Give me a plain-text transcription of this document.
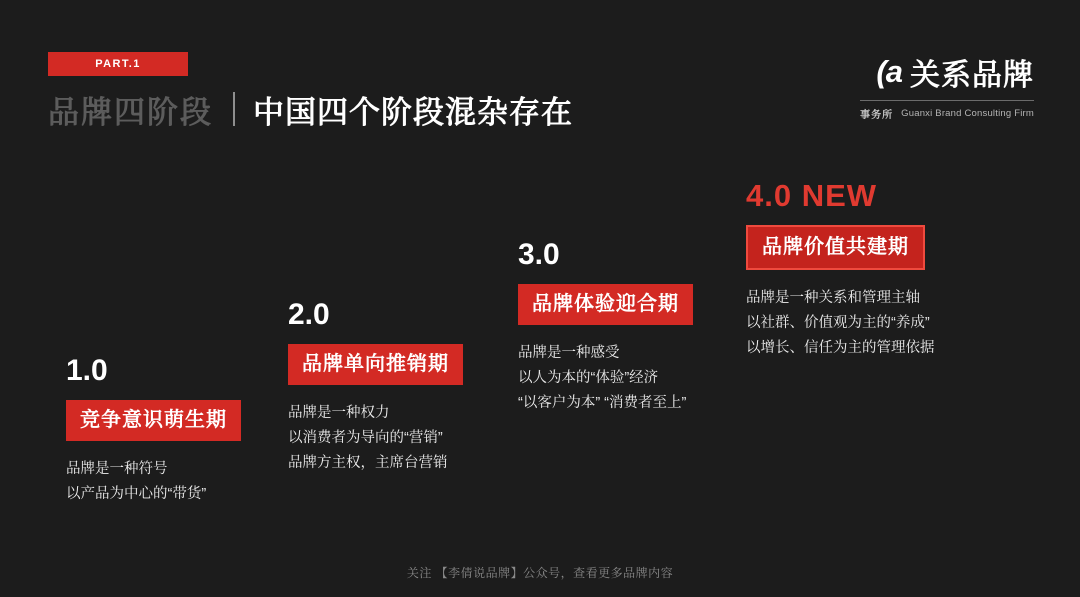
PART.1
品牌四阶段 中国四个阶段混杂存在
(a 关系品牌
事务所 Guanxi Brand Consulting Firm
1.0
竞争意识萌生期
品牌是一种符号
以产品为中心的“带货”
2.0
品牌单向推销期
品牌是一种权力
以消费者为导向的“营销”
品牌方主权，主席台营销
3.0
品牌体验迎合期
品牌是一种感受
以人为本的“体验”经济
“以客户为本” “消费者至上”
4.0 NEW
品牌价值共建期
品牌是一种关系和管理主轴
以社群、价值观为主的“养成”
以增长、信任为主的管理依据
关注 【李倩说品牌】公众号，查看更多品牌内容
